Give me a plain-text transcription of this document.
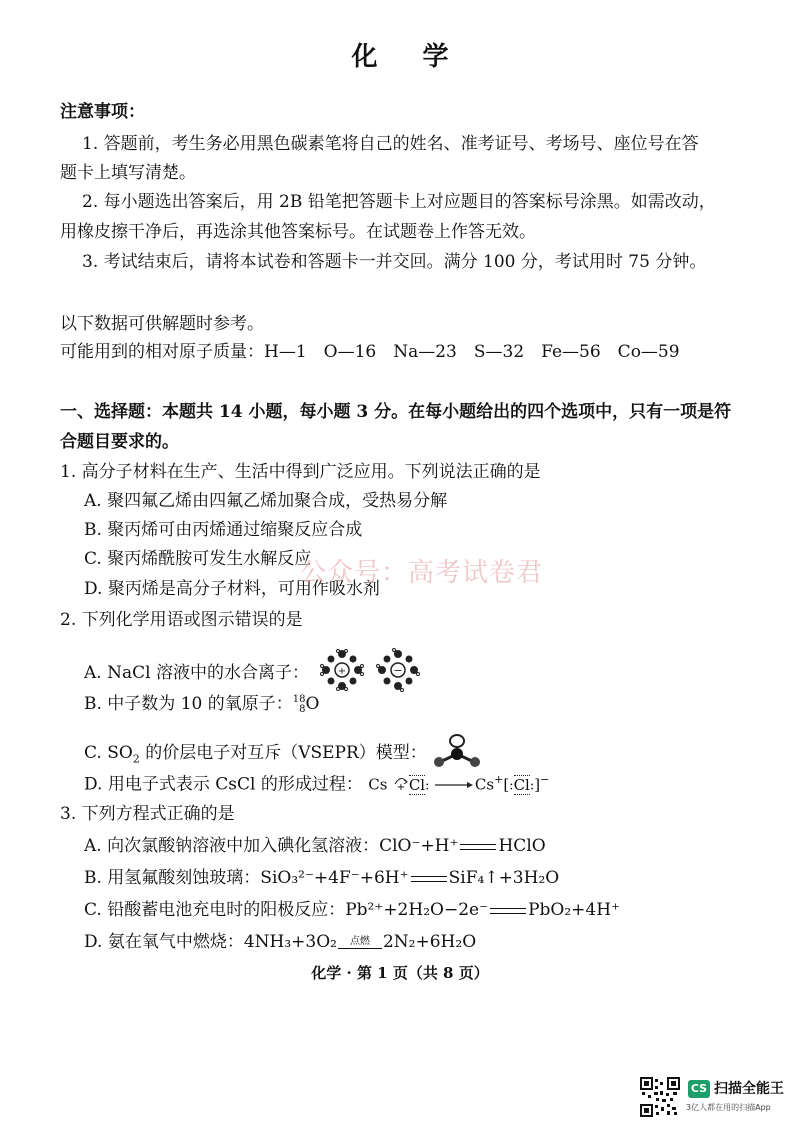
化 学
注意事项：
1. 答题前，考生务必用黑色碳素笔将自己的姓名、准考证号、考场号、座位号在答
题卡上填写清楚。
2. 每小题选出答案后，用 2B 铅笔把答题卡上对应题目的答案标号涂黑。如需改动，
用橡皮擦干净后，再选涂其他答案标号。在试题卷上作答无效。
3. 考试结束后，请将本试卷和答题卡一并交回。满分 100 分，考试用时 75 分钟。
以下数据可供解题时参考。
可能用到的相对原子质量：H—1　O—16　Na—23　S—32　Fe—56　Co—59
一、选择题：本题共 14 小题，每小题 3 分。在每小题给出的四个选项中，只有一项是符
合题目要求的。
1. 高分子材料在生产、生活中得到广泛应用。下列说法正确的是
A. 聚四氟乙烯由四氟乙烯加聚合成，受热易分解
B. 聚丙烯可由丙烯通过缩聚反应合成
C. 聚丙烯酰胺可发生水解反应
D. 聚丙烯是高分子材料，可用作吸水剂
公众号：高考试卷君
2. 下列化学用语或图示错误的是
A. NaCl 溶液中的水合离子：	+	−
B. 中子数为 10 的氧原子： 18
8 O
C. $SO_2$ 的价层电子对互斥（VSEPR）模型：
D. 用电子式表示 CsCl 的形成过程： Cs + Cl: →Cs+[:Cl:]−
3. 下列方程式正确的是
A. 向次氯酸钠溶液中加入碘化氢溶液：ClO⁻+H⁺ HClO
B. 用氢氟酸刻蚀玻璃：SiO₃²⁻+4F⁻+6H⁺ SiF₄↑+3H₂O
C. 铅酸蓄电池充电时的阳极反应：Pb²⁺+2H₂O−2e⁻ PbO₂+4H⁺
D. 氨在氧气中燃烧：4NH₃+3O₂ 点燃 2N₂+6H₂O
化学 · 第 1 页（共 8 页）
CS 扫描全能王
3亿人都在用的扫描App
